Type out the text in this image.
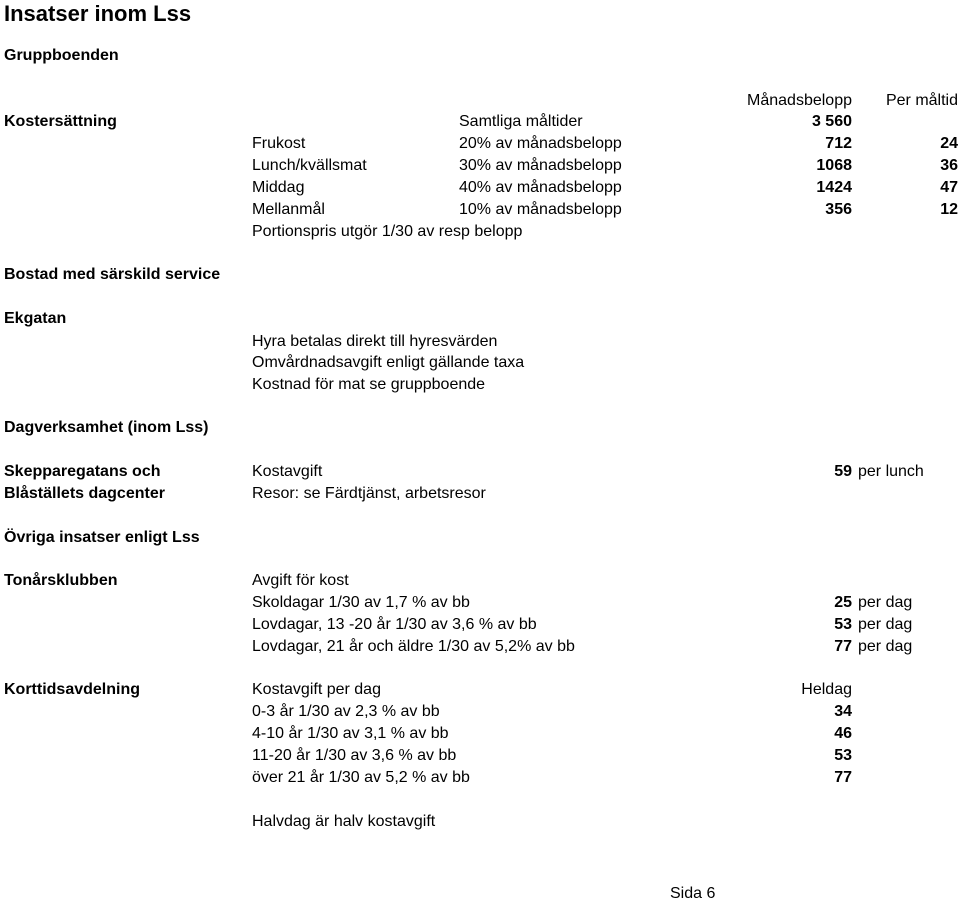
Insatser inom Lss
Gruppboenden
Månadsbelopp	Per måltid
Kostersättning	Samtliga måltider	3 560
Frukost	20% av månadsbelopp	712	24
Lunch/kvällsmat	30% av månadsbelopp	1068	36
Middag	40% av månadsbelopp	1424	47
Mellanmål	10% av månadsbelopp	356	12
Portionspris utgör 1/30 av resp belopp
Bostad med särskild service
Ekgatan
Hyra betalas direkt till hyresvärden
Omvårdnadsavgift enligt gällande taxa
Kostnad för mat se gruppboende
Dagverksamhet (inom Lss)
Skepparegatans och
Blåställets dagcenter
Kostavgift	59 per lunch
Resor: se Färdtjänst, arbetsresor
Övriga insatser enligt Lss
Tonårsklubben	Avgift för kost
Skoldagar 1/30 av 1,7 % av bb	25 per dag
Lovdagar, 13 -20 år 1/30 av 3,6 % av bb	53 per dag
Lovdagar, 21 år och äldre 1/30 av 5,2% av bb	77 per dag
Korttidsavdelning	Kostavgift per dag	Heldag
0-3 år 1/30 av 2,3 % av bb	34
4-10 år 1/30 av 3,1 % av bb	46
11-20 år 1/30 av 3,6 % av bb	53
över 21 år 1/30 av 5,2 % av bb	77
Halvdag är halv kostavgift
Sida 6
